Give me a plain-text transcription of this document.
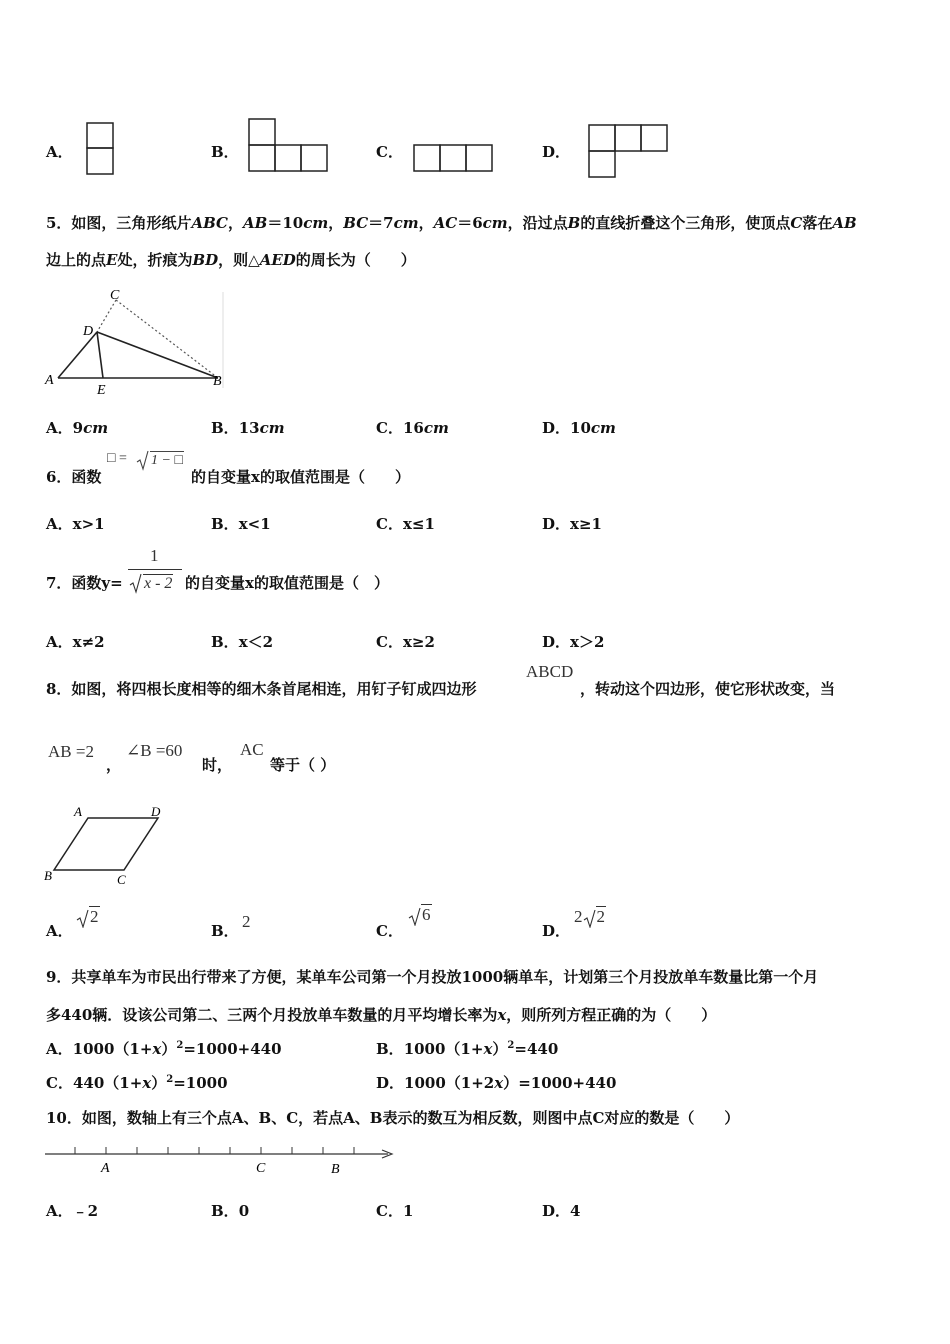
A．	B．	C．	D．
5．如图，三角形纸片ABC，AB＝10cm，BC＝7cm，AC＝6cm，沿过点B的直线折叠这个三角形，使顶点C落在AB
边上的点E处，折痕为BD，则△AED的周长为（　　）
C
D
A
E
B
A．9cm	B．13cm	C．16cm	D．10cm
6．函数
□ = 1 − □
的自变量x的取值范围是（　　）
A．x>1	B．x<1	C．x≤1	D．x≥1
7．函数y=
1
x - 2 的自变量x的取值范围是（　）
A．x≠2	B．x＜2	C．x≥2	D．x＞2
8．如图，将四根长度相等的细木条首尾相连，用钉子钉成四边形
ABCD
，转动这个四边形，使它形状改变，当
AB =2
，
∠B =60
时，
AC
等于（ ）
A	D
B	C
A．
2
B． 2	C．
6
D．
2 2
9．共享单车为市民出行带来了方便，某单车公司第一个月投放1000辆单车，计划第三个月投放单车数量比第一个月
多440辆．设该公司第二、三两个月投放单车数量的月平均增长率为x，则所列方程正确的为（　　）
A．$1000(1+x)^2=1000+440$	B．$1000(1+x)^2=440$
C．$440(1+x)^2=1000$	D．1000（1+2x）=1000+440
10．如图，数轴上有三个点A、B、C，若点A、B表示的数互为相反数，则图中点C对应的数是（　　）
A	C	B
A．﹣2	B．0	C．1	D．4
